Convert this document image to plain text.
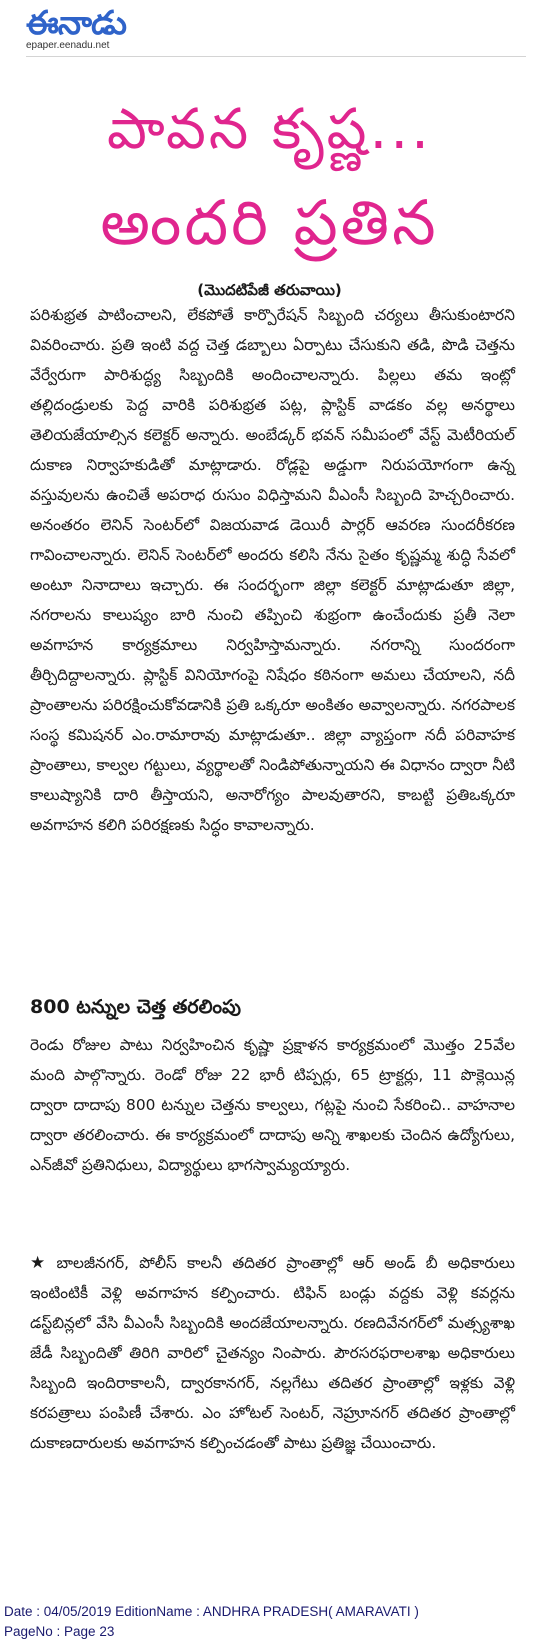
ఈనాడు
epaper.eenadu.net
పావన కృష్ణ...
అందరి ప్రతిన
(మొదటిపేజీ తరువాయి)

పరిశుభ్రత పాటించాలని, లేకపోతే కార్పొరేషన్ సిబ్బంది చర్యలు తీసుకుంటారని వివరించారు. ప్రతి ఇంటి వద్ద చెత్త డబ్బాలు ఏర్పాటు చేసుకుని తడి, పొడి చెత్తను వేర్వేరుగా పారిశుద్ధ్య సిబ్బందికి అందించాలన్నారు. పిల్లలు తమ ఇంట్లో తల్లిదండ్రులకు పెద్ద వారికి పరిశుభ్రత పట్ల, ప్లాస్టిక్ వాడకం వల్ల అనర్థాలు తెలియజేయాల్సిన కలెక్టర్ అన్నారు. అంబేడ్కర్ భవన్ సమీపంలో వేస్ట్ మెటీరియల్ దుకాణ నిర్వాహకుడితో మాట్లాడారు. రోడ్లపై అడ్డుగా నిరుపయోగంగా ఉన్న వస్తువులను ఉంచితే అపరాధ రుసుం విధిస్తామని వీఎంసీ సిబ్బంది హెచ్చరించారు. అనంతరం లెనిన్ సెంటర్‌లో విజయవాడ డెయిరీ పార్లర్ ఆవరణ సుందరీకరణ గావించాలన్నారు. లెనిన్ సెంటర్‌లో అందరు కలిసి నేను సైతం కృష్ణమ్మ శుద్ధి సేవలో అంటూ నినాదాలు ఇచ్చారు. ఈ సందర్భంగా జిల్లా కలెక్టర్ మాట్లాడుతూ జిల్లా, నగరాలను కాలుష్యం బారి నుంచి తప్పించి శుభ్రంగా ఉంచేందుకు ప్రతీ నెలా అవగాహన కార్యక్రమాలు నిర్వహిస్తామన్నారు. నగరాన్ని సుందరంగా తీర్చిదిద్దాలన్నారు. ప్లాస్టిక్ వినియోగంపై నిషేధం కఠినంగా అమలు చేయాలని, నదీ ప్రాంతాలను పరిరక్షించుకోవడానికి ప్రతి ఒక్కరూ అంకితం అవ్వాలన్నారు. నగరపాలక సంస్థ కమిషనర్ ఎం.రామారావు మాట్లాడుతూ.. జిల్లా వ్యాప్తంగా నదీ పరివాహక ప్రాంతాలు, కాల్వల గట్టులు, వ్యర్థాలతో నిండిపోతున్నాయని ఈ విధానం ద్వారా నీటి కాలుష్యానికి దారి తీస్తాయని, అనారోగ్యం పాలవుతారని, కాబట్టి ప్రతిఒక్కరూ అవగాహన కలిగి పరిరక్షణకు సిద్ధం కావాలన్నారు.

800 టన్నుల చెత్త తరలింపు

రెండు రోజుల పాటు నిర్వహించిన కృష్ణా ప్రక్షాళన కార్యక్రమంలో మొత్తం 25వేల మంది పాల్గొన్నారు. రెండో రోజు 22 భారీ టిప్పర్లు, 65 ట్రాక్టర్లు, 11 పొక్లెయిన్ల ద్వారా దాదాపు 800 టన్నుల చెత్తను కాల్వలు, గట్లపై నుంచి సేకరించి.. వాహనాల ద్వారా తరలించారు. ఈ కార్యక్రమంలో దాదాపు అన్ని శాఖలకు చెందిన ఉద్యోగులు, ఎన్‌జీవో ప్రతినిధులు, విద్యార్థులు భాగస్వామ్యయ్యారు.

★ బాలజీనగర్, పోలీస్ కాలనీ తదితర ప్రాంతాల్లో ఆర్ అండ్ బీ అధికారులు ఇంటింటికీ వెళ్లి అవగాహన కల్పించారు. టిఫిన్ బండ్లు వద్దకు వెళ్లి కవర్లను డస్ట్‌బిన్లలో వేసి వీఎంసీ సిబ్బందికి అందజేయాలన్నారు. రణదివేనగర్‌లో మత్స్యశాఖ జేడీ సిబ్బందితో తిరిగి వారిలో చైతన్యం నింపారు. పౌరసరఫరాలశాఖ అధికారులు సిబ్బంది ఇందిరాకాలనీ, ద్వారకానగర్, నల్లగేటు తదితర ప్రాంతాల్లో ఇళ్లకు వెళ్లి కరపత్రాలు పంపిణీ చేశారు. ఎం హోటల్ సెంటర్, నెహ్రూనగర్ తదితర ప్రాంతాల్లో దుకాణదారులకు అవగాహన కల్పించడంతో పాటు ప్రతిజ్ఞ చేయించారు.

Date : 04/05/2019 EditionName : ANDHRA PRADESH( AMARAVATI )
PageNo : Page 23
